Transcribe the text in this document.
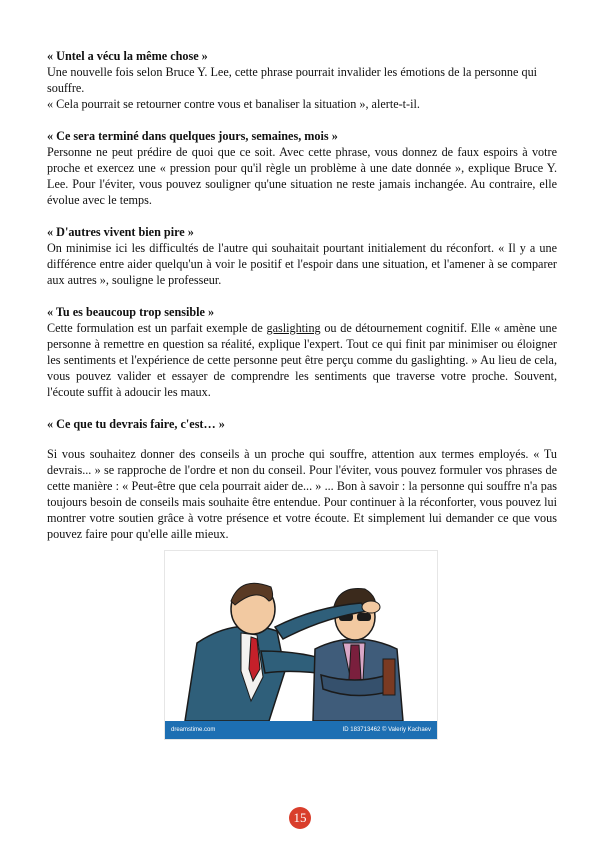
« Untel a vécu la même chose »

Une nouvelle fois selon Bruce Y. Lee, cette phrase pourrait invalider les émotions de la personne qui souffre.

« Cela pourrait se retourner contre vous et banaliser la situation », alerte-t-il.

« Ce sera terminé dans quelques jours, semaines, mois »

Personne ne peut prédire de quoi que ce soit. Avec cette phrase, vous donnez de faux espoirs à votre proche et exercez une « pression pour qu'il règle un problème à une date donnée », explique Bruce Y. Lee. Pour l'éviter, vous pouvez souligner qu'une situation ne reste jamais inchangée. Au contraire, elle évolue avec le temps.

« D'autres vivent bien pire »

On minimise ici les difficultés de l'autre qui souhaitait pourtant initialement du réconfort. « Il y a une différence entre aider quelqu'un à voir le positif et l'espoir dans une situation, et l'amener à se comparer aux autres », souligne le professeur.

« Tu es beaucoup trop sensible »

Cette formulation est un parfait exemple de gaslighting ou de détournement cognitif. Elle « amène une personne à remettre en question sa réalité, explique l'expert. Tout ce qui finit par minimiser ou éloigner les sentiments et l'expérience de cette personne peut être perçu comme du gaslighting. » Au lieu de cela, vous pouvez valider et essayer de comprendre les sentiments que traverse votre proche. Souvent, l'écoute suffit à adoucir les maux.

« Ce que tu devrais faire, c'est… »

Si vous souhaitez donner des conseils à un proche qui souffre, attention aux termes employés. « Tu devrais... » se rapproche de l'ordre et non du conseil. Pour l'éviter, vous pouvez formuler vos phrases de cette manière : « Peut-être que cela pourrait aider de... » ... Bon à savoir : la personne qui souffre n'a pas toujours besoin de conseils mais souhaite être entendue. Pour continuer à la réconforter, vous pouvez lui montrer votre soutien grâce à votre présence et votre écoute. Et simplement lui demander ce que vous pouvez faire pour qu'elle aille mieux.

dreamstime.com	ID 183713462 © Valeriy Kachaev
15
